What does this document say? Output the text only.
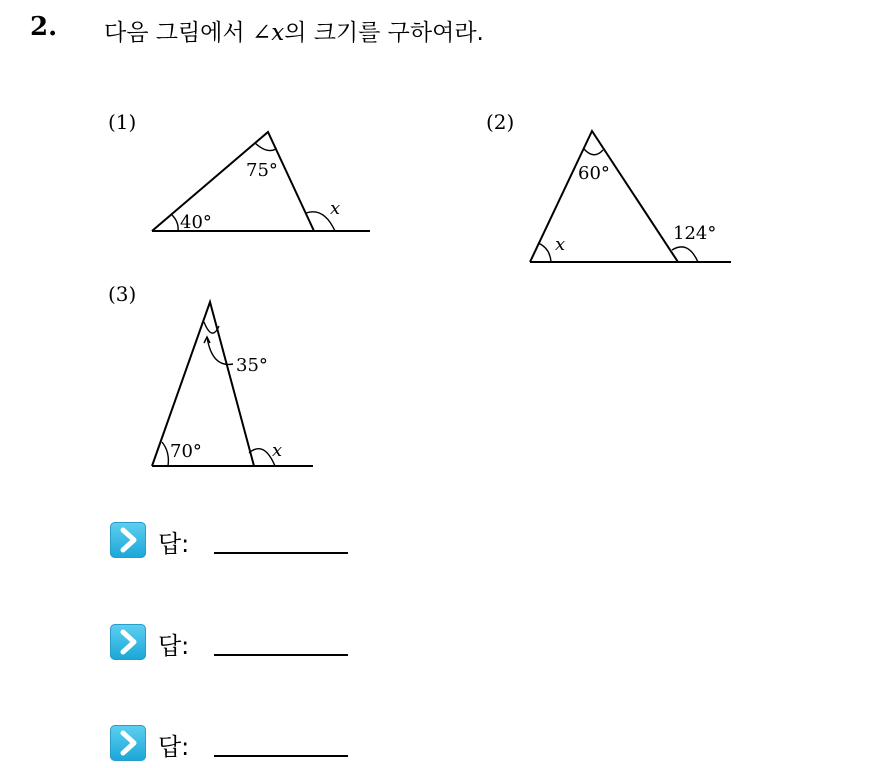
2. 다음 그림에서 ∠x의 크기를 구하여라.
(1)	(2)
(3)
75°
40°
x
60°
x
124°
35°
70°	x
답:
답:
답:
